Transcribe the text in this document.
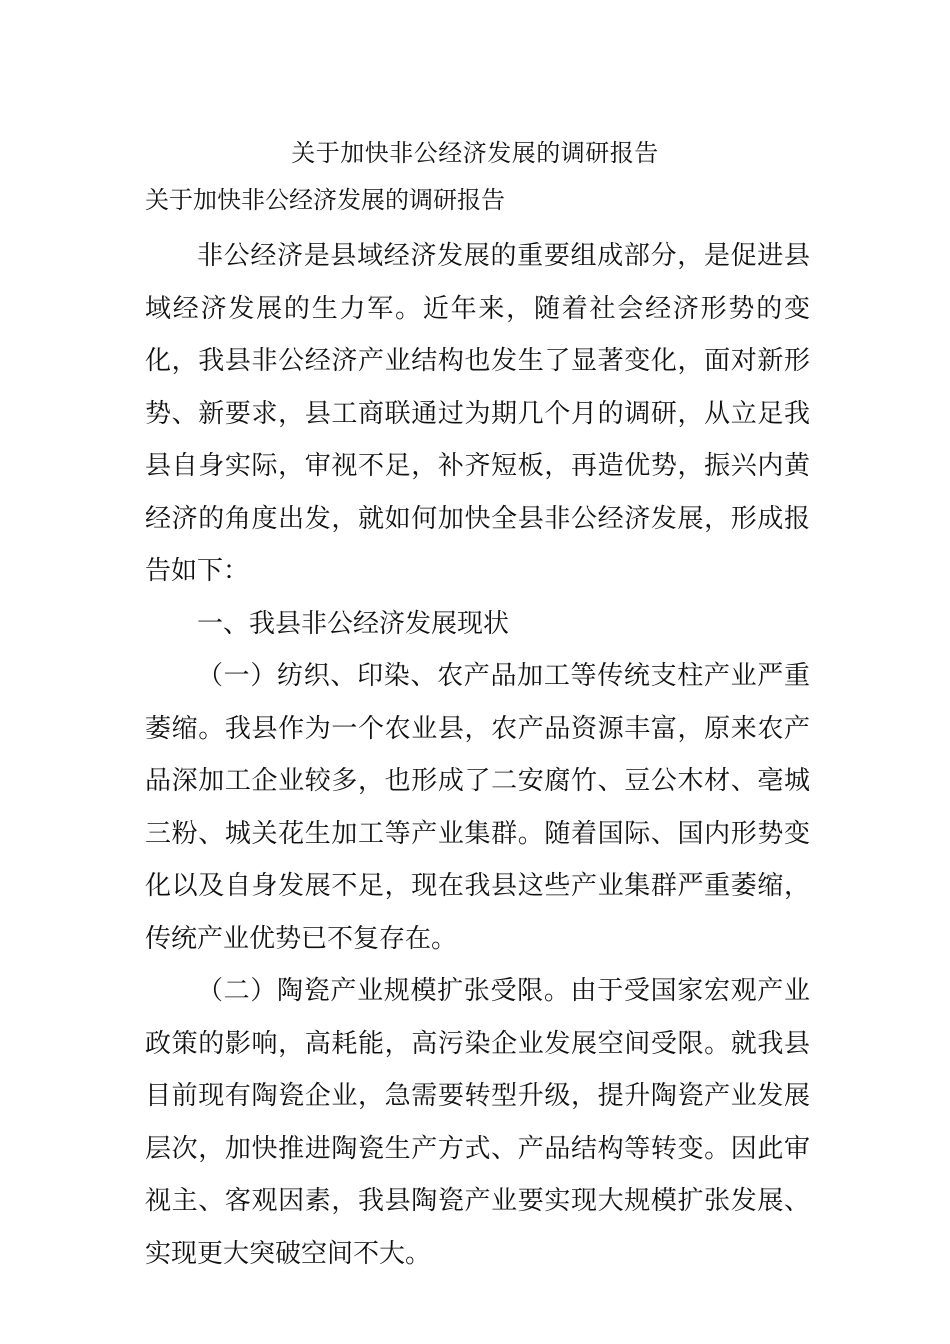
关于加快非公经济发展的调研报告
关于加快非公经济发展的调研报告

非公经济是县域经济发展的重要组成部分，是促进县域经济发展的生力军。近年来，随着社会经济形势的变化，我县非公经济产业结构也发生了显著变化，面对新形势、新要求，县工商联通过为期几个月的调研，从立足我县自身实际，审视不足，补齐短板，再造优势，振兴内黄经济的角度出发，就如何加快全县非公经济发展，形成报告如下：

一、我县非公经济发展现状

（一）纺织、印染、农产品加工等传统支柱产业严重萎缩。我县作为一个农业县，农产品资源丰富，原来农产品深加工企业较多，也形成了二安腐竹、豆公木材、亳城三粉、城关花生加工等产业集群。随着国际、国内形势变化以及自身发展不足，现在我县这些产业集群严重萎缩，传统产业优势已不复存在。

（二）陶瓷产业规模扩张受限。由于受国家宏观产业政策的影响，高耗能，高污染企业发展空间受限。就我县目前现有陶瓷企业，急需要转型升级，提升陶瓷产业发展层次，加快推进陶瓷生产方式、产品结构等转变。因此审视主、客观因素，我县陶瓷产业要实现大规模扩张发展、实现更大突破空间不大。
